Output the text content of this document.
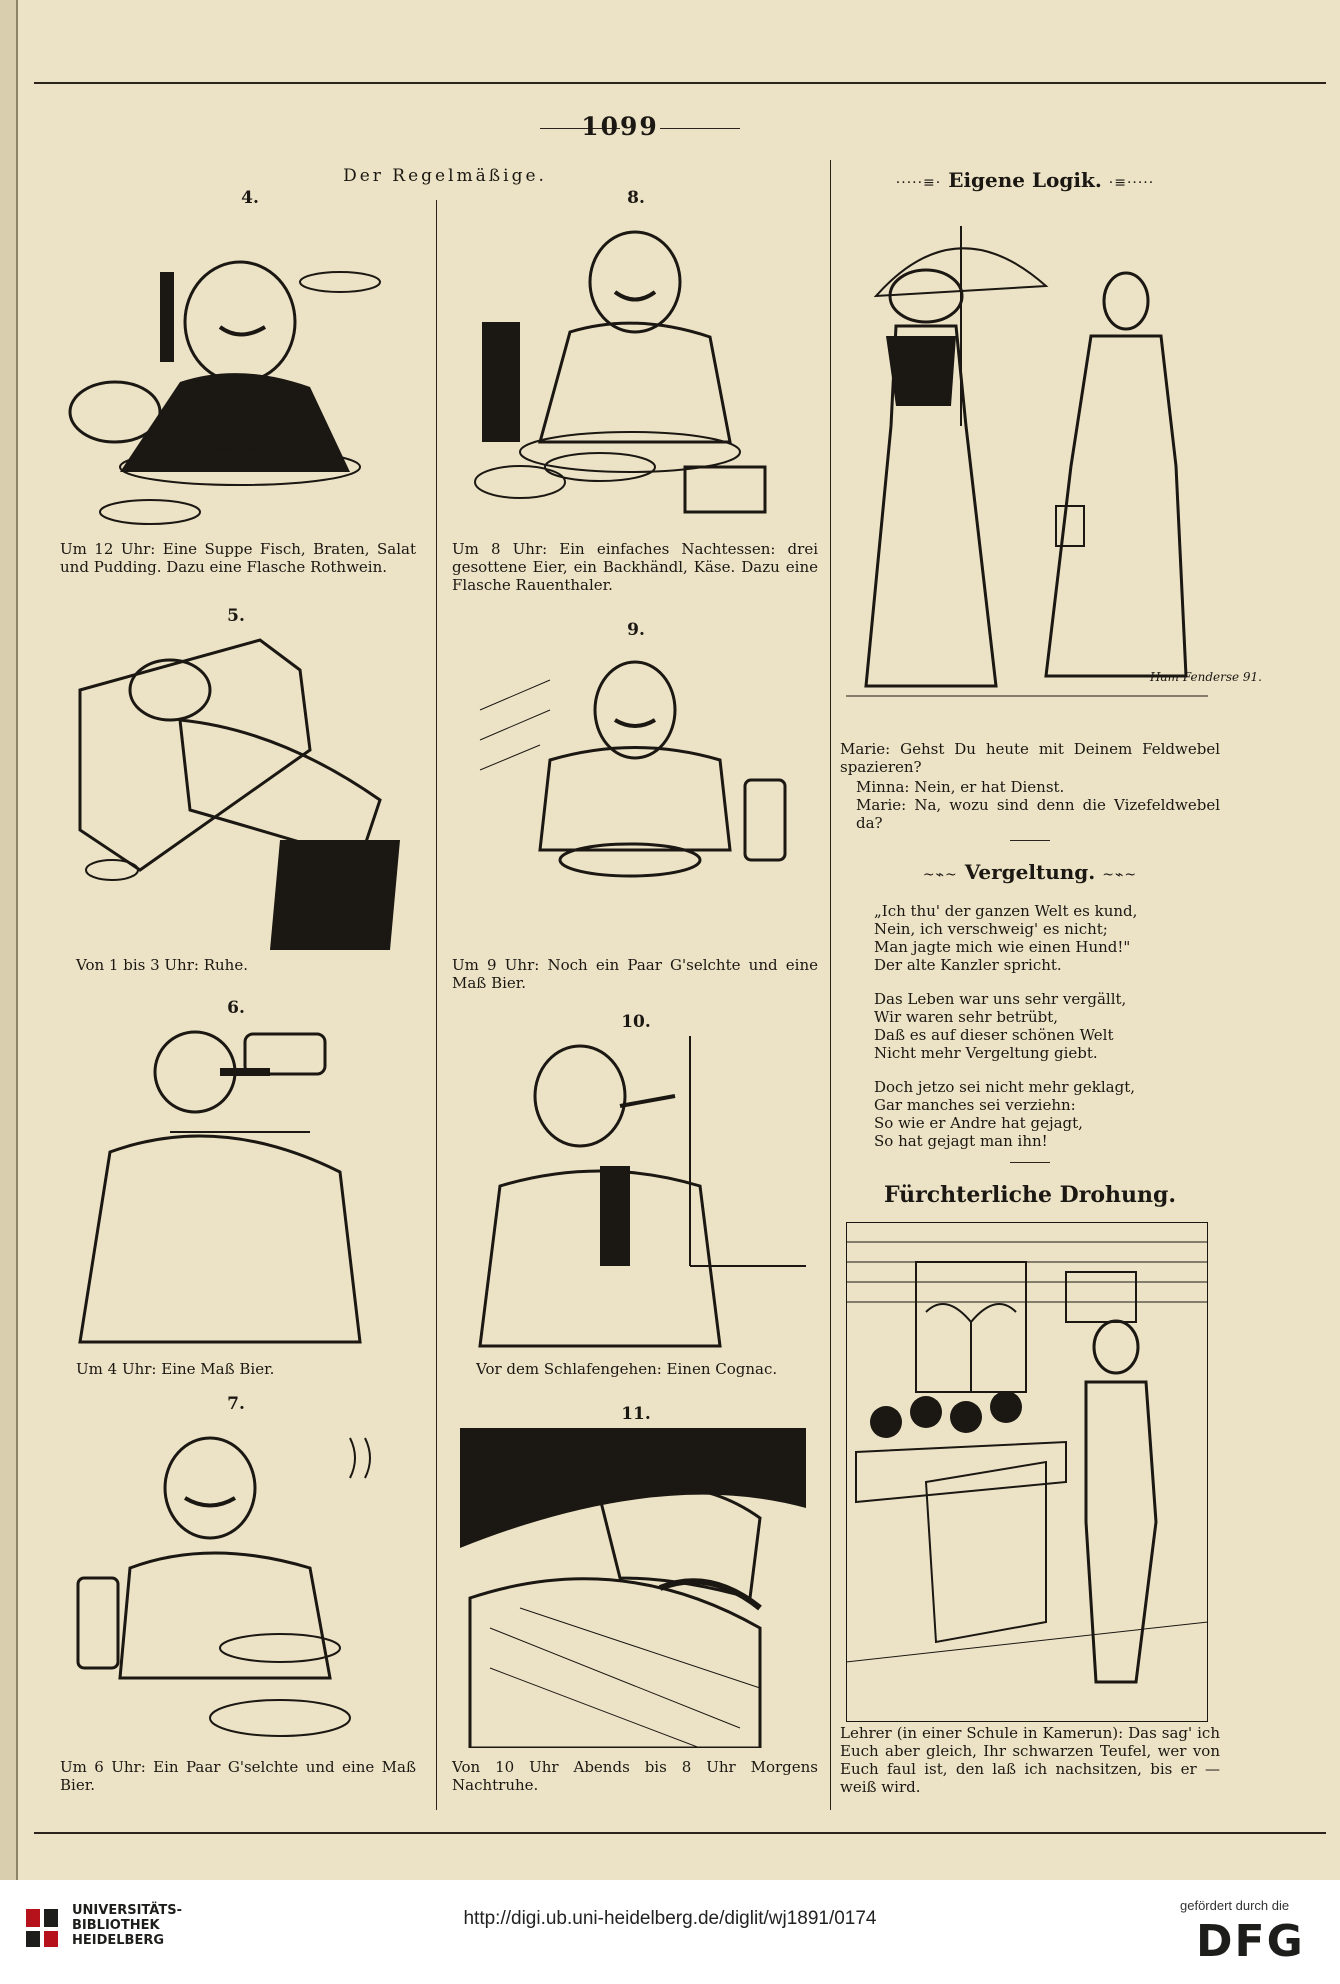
1099
Der Regelmäßige.
4.
Um 12 Uhr: Eine Suppe Fisch, Braten, Salat und Pudding. Dazu eine Flasche Rothwein.
8.
Um 8 Uhr: Ein einfaches Nachtessen: drei gesottene Eier, ein Backhändl, Käse. Dazu eine Flasche Rauenthaler.
5.
Von 1 bis 3 Uhr: Ruhe.
9.
Um 9 Uhr: Noch ein Paar G'selchte und eine Maß Bier.
6.
Um 4 Uhr: Eine Maß Bier.
10.
Vor dem Schlafengehen: Einen Cognac.
7.
Um 6 Uhr: Ein Paar G'selchte und eine Maß Bier.
11.
Von 10 Uhr Abends bis 8 Uhr Morgens Nachtruhe.
·····≡· Eigene Logik. ·≡·····
Ham Fenderse 91.
Marie: Gehst Du heute mit Deinem Feldwebel spazieren?
Minna: Nein, er hat Dienst.
Marie: Na, wozu sind denn die Vizefeldwebel da?
~⌁~ Vergeltung. ~⌁~
„Ich thu' der ganzen Welt es kund,
Nein, ich verschweig' es nicht;
Man jagte mich wie einen Hund!"
Der alte Kanzler spricht.
Das Leben war uns sehr vergällt,
Wir waren sehr betrübt,
Daß es auf dieser schönen Welt
Nicht mehr Vergeltung giebt.
Doch jetzo sei nicht mehr geklagt,
Gar manches sei verziehn:
So wie er Andre hat gejagt,
So hat gejagt man ihn!
Fürchterliche Drohung.
Lehrer (in einer Schule in Kamerun): Das sag' ich Euch aber gleich, Ihr schwarzen Teufel, wer von Euch faul ist, den laß ich nachsitzen, bis er — weiß wird.
UNIVERSITÄTS-
BIBLIOTHEK
HEIDELBERG
http://digi.ub.uni-heidelberg.de/diglit/wj1891/0174
gefördert durch die
DFG
